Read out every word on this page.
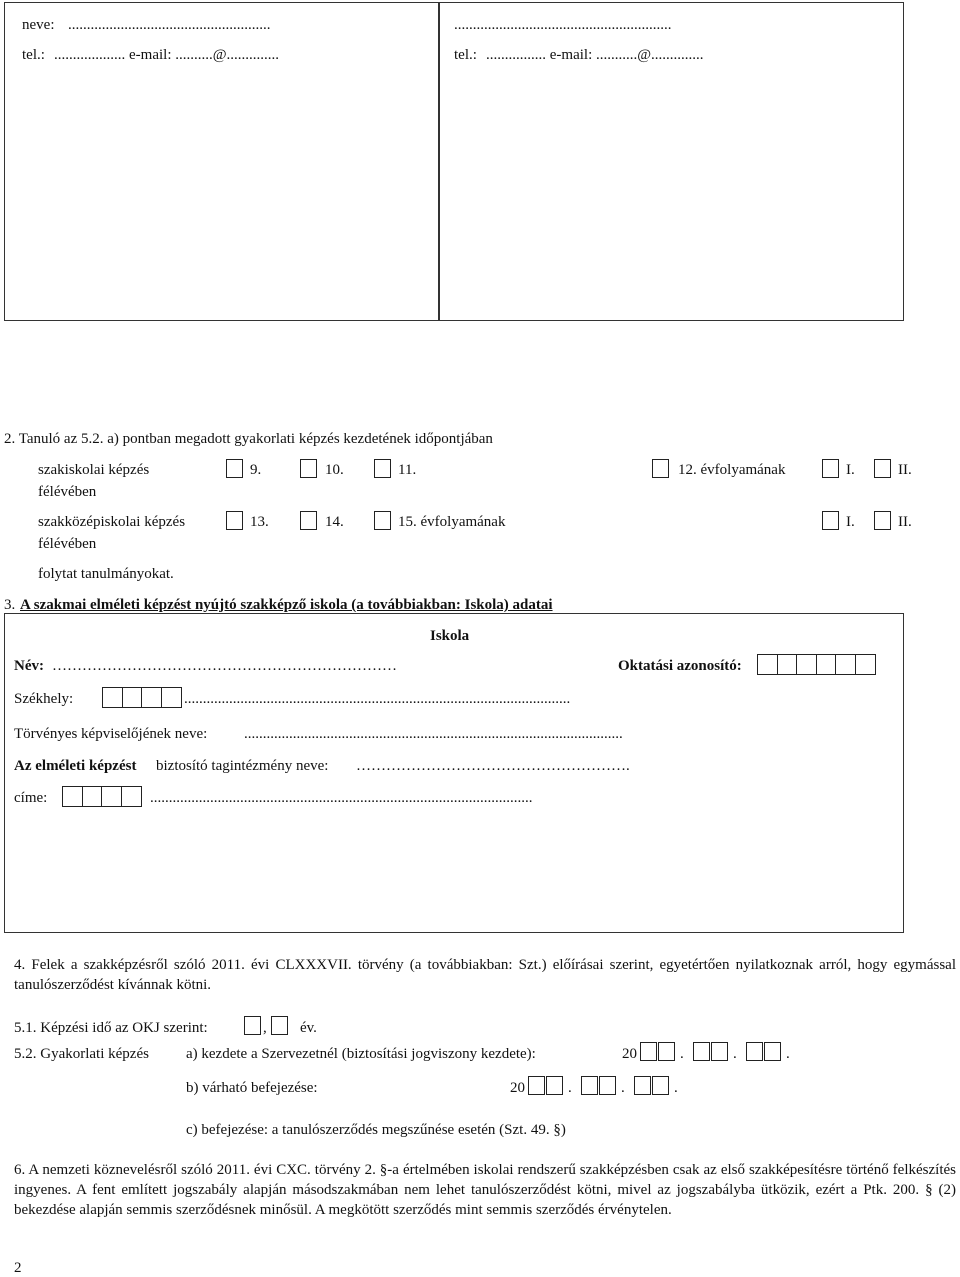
neve: ......................................................
tel.: ................... e-mail: ..........@..............
..........................................................
tel.: ................ e-mail: ...........@..............
2. Tanuló az 5.2. a) pontban megadott gyakorlati képzés kezdetének időpontjában
szakiskolai képzés
félévében
9.	10.	11.	12. évfolyamának	I.	II.
szakközépiskolai képzés
félévében
13.	14.	15. évfolyamának	I.	II.
folytat tanulmányokat.
3. A szakmai elméleti képzést nyújtó szakképző iskola (a továbbiakban: Iskola) adatai
Iskola
Név: ……………………………………………………………	Oktatási azonosító:
Székhely:	.......................................................................................................
Törvényes képviselőjének neve: .....................................................................................................
Az elméleti képzést biztosító tagintézmény neve: ……………………………………………….
címe:	......................................................................................................
4. Felek a szakképzésről szóló 2011. évi CLXXXVII. törvény (a továbbiakban: Szt.) előírásai szerint, egyetértően nyilatkoznak arról, hogy egymással tanulószerződést kívánnak kötni.
5.1. Képzési idő az OKJ szerint:	, év.
5.2. Gyakorlati képzés a) kezdete a Szervezetnél (biztosítási jogviszony kezdete):	20	.	.	.
b) várható befejezése:	20	.	.	.
c) befejezése: a tanulószerződés megszűnése esetén (Szt. 49. §)
6. A nemzeti köznevelésről szóló 2011. évi CXC. törvény 2. §-a értelmében iskolai rendszerű szakképzésben csak az első szakképesítésre történő felkészítés ingyenes. A fent említett jogszabály alapján másodszakmában nem lehet tanulószerződést kötni, mivel az jogszabályba ütközik, ezért a Ptk. 200. § (2) bekezdése alapján semmis szerződésnek minősül. A megkötött szerződés mint semmis szerződés érvénytelen.
2
